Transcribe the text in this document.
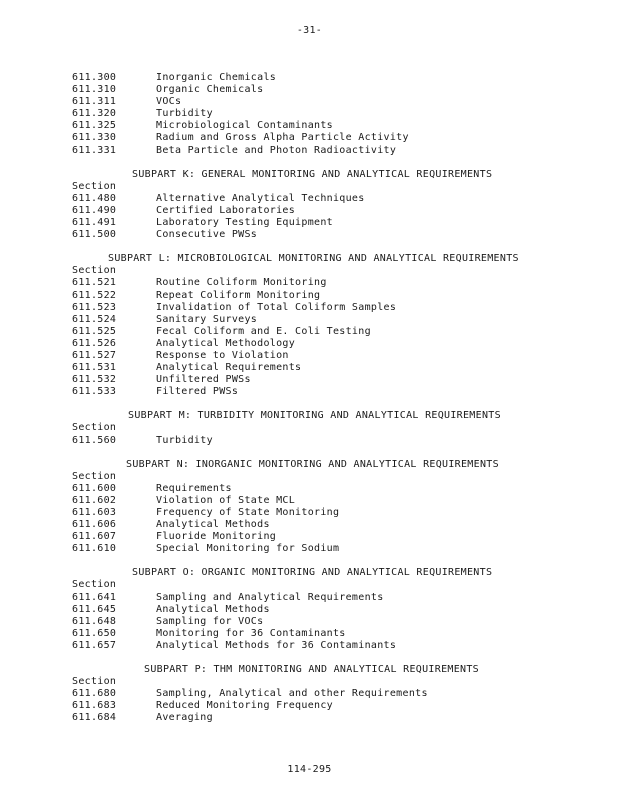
-31-
611.300	Inorganic Chemicals
611.310	Organic Chemicals
611.311	VOCs
611.320	Turbidity
611.325	Microbiological Contaminants
611.330	Radium and Gross Alpha Particle Activity
611.331	Beta Particle and Photon Radioactivity
SUBPART K: GENERAL MONITORING AND ANALYTICAL REQUIREMENTS
Section
611.480	Alternative Analytical Techniques
611.490	Certified Laboratories
611.491	Laboratory Testing Equipment
611.500	Consecutive PWSs
SUBPART L: MICROBIOLOGICAL MONITORING AND ANALYTICAL REQUIREMENTS
Section
611.521	Routine Coliform Monitoring
611.522	Repeat Coliform Monitoring
611.523	Invalidation of Total Coliform Samples
611.524	Sanitary Surveys
611.525	Fecal Coliform and E. Coli Testing
611.526	Analytical Methodology
611.527	Response to Violation
611.531	Analytical Requirements
611.532	Unfiltered PWSs
611.533	Filtered PWSs
SUBPART M: TURBIDITY MONITORING AND ANALYTICAL REQUIREMENTS
Section
611.560	Turbidity
SUBPART N: INORGANIC MONITORING AND ANALYTICAL REQUIREMENTS
Section
611.600	Requirements
611.602	Violation of State MCL
611.603	Frequency of State Monitoring
611.606	Analytical Methods
611.607	Fluoride Monitoring
611.610	Special Monitoring for Sodium
SUBPART O: ORGANIC MONITORING AND ANALYTICAL REQUIREMENTS
Section
611.641	Sampling and Analytical Requirements
611.645	Analytical Methods
611.648	Sampling for VOCs
611.650	Monitoring for 36 Contaminants
611.657	Analytical Methods for 36 Contaminants
SUBPART P: THM MONITORING AND ANALYTICAL REQUIREMENTS
Section
611.680	Sampling, Analytical and other Requirements
611.683	Reduced Monitoring Frequency
611.684	Averaging
114-295
